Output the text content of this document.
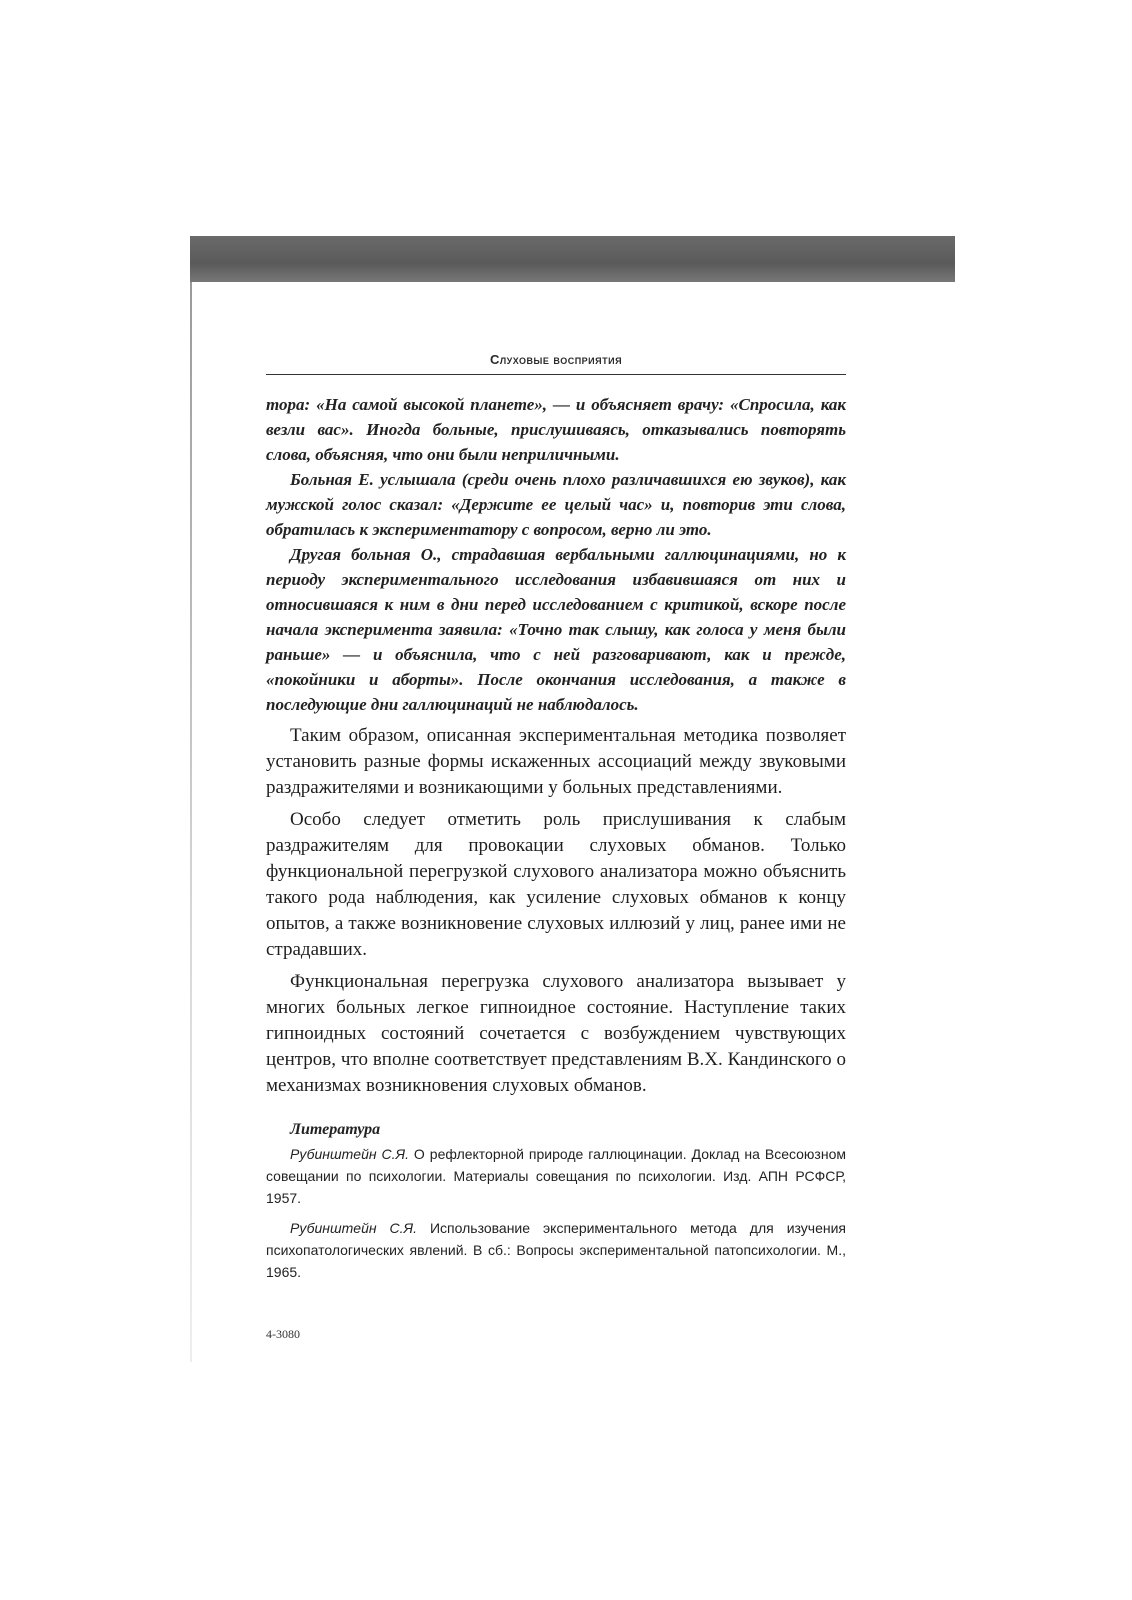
Слуховые восприятия

тора: «На самой высокой планете», — и объясняет врачу: «Спросила, как везли вас». Иногда больные, прислушиваясь, отказывались повторять слова, объясняя, что они были неприличными.

Больная Е. услышала (среди очень плохо различавшихся ею звуков), как мужской голос сказал: «Держите ее целый час» и, повторив эти слова, обратилась к экспериментатору с вопросом, верно ли это.

Другая больная О., страдавшая вербальными галлюцинациями, но к периоду экспериментального исследования избавившаяся от них и относившаяся к ним в дни перед исследованием с критикой, вскоре после начала эксперимента заявила: «Точно так слышу, как голоса у меня были раньше» — и объяснила, что с ней разговаривают, как и прежде, «покойники и аборты». После окончания исследования, а также в последующие дни галлюцинаций не наблюдалось.

Таким образом, описанная экспериментальная методика позволяет установить разные формы искаженных ассоциаций между звуковыми раздражителями и возникающими у больных представлениями.

Особо следует отметить роль прислушивания к слабым раздражителям для провокации слуховых обманов. Только функциональной перегрузкой слухового анализатора можно объяснить такого рода наблюдения, как усиление слуховых обманов к концу опытов, а также возникновение слуховых иллюзий у лиц, ранее ими не страдавших.

Функциональная перегрузка слухового анализатора вызывает у многих больных легкое гипноидное состояние. Наступление таких гипноидных состояний сочетается с возбуждением чувствующих центров, что вполне соответствует представлениям В.Х. Кандинского о механизмах возникновения слуховых обманов.

Литература

Рубинштейн С.Я. О рефлекторной природе галлюцинации. Доклад на Всесоюзном совещании по психологии. Материалы совещания по психологии. Изд. АПН РСФСР, 1957.

Рубинштейн С.Я. Использование экспериментального метода для изучения психопатологических явлений. В сб.: Вопросы экспериментальной патопсихологии. М., 1965.

4-3080
